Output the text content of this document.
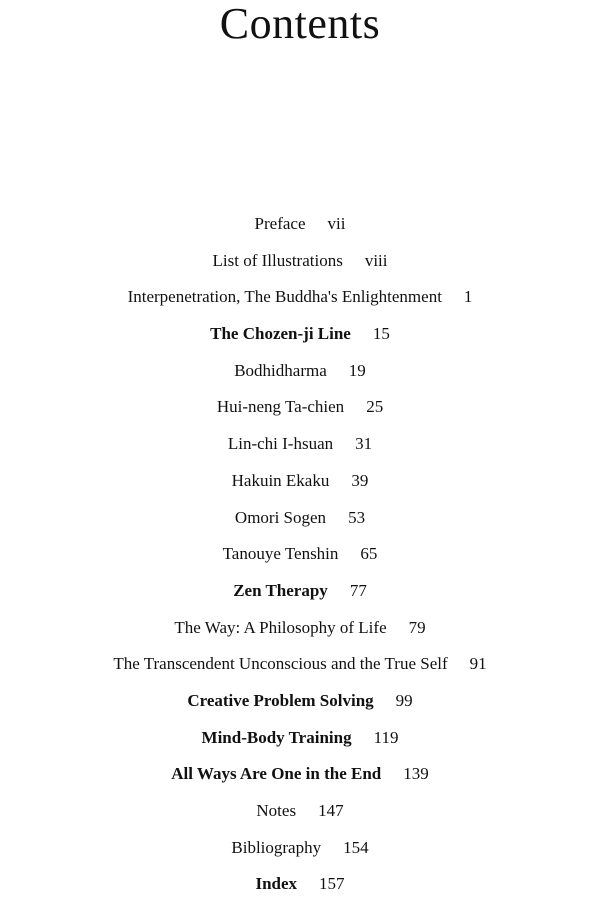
Contents
Preface vii
List of Illustrations viii
Interpenetration, The Buddha's Enlightenment 1
The Chozen-ji Line 15
Bodhidharma 19
Hui-neng Ta-chien 25
Lin-chi I-hsuan 31
Hakuin Ekaku 39
Omori Sogen 53
Tanouye Tenshin 65
Zen Therapy 77
The Way: A Philosophy of Life 79
The Transcendent Unconscious and the True Self 91
Creative Problem Solving 99
Mind-Body Training 119
All Ways Are One in the End 139
Notes 147
Bibliography 154
Index 157
